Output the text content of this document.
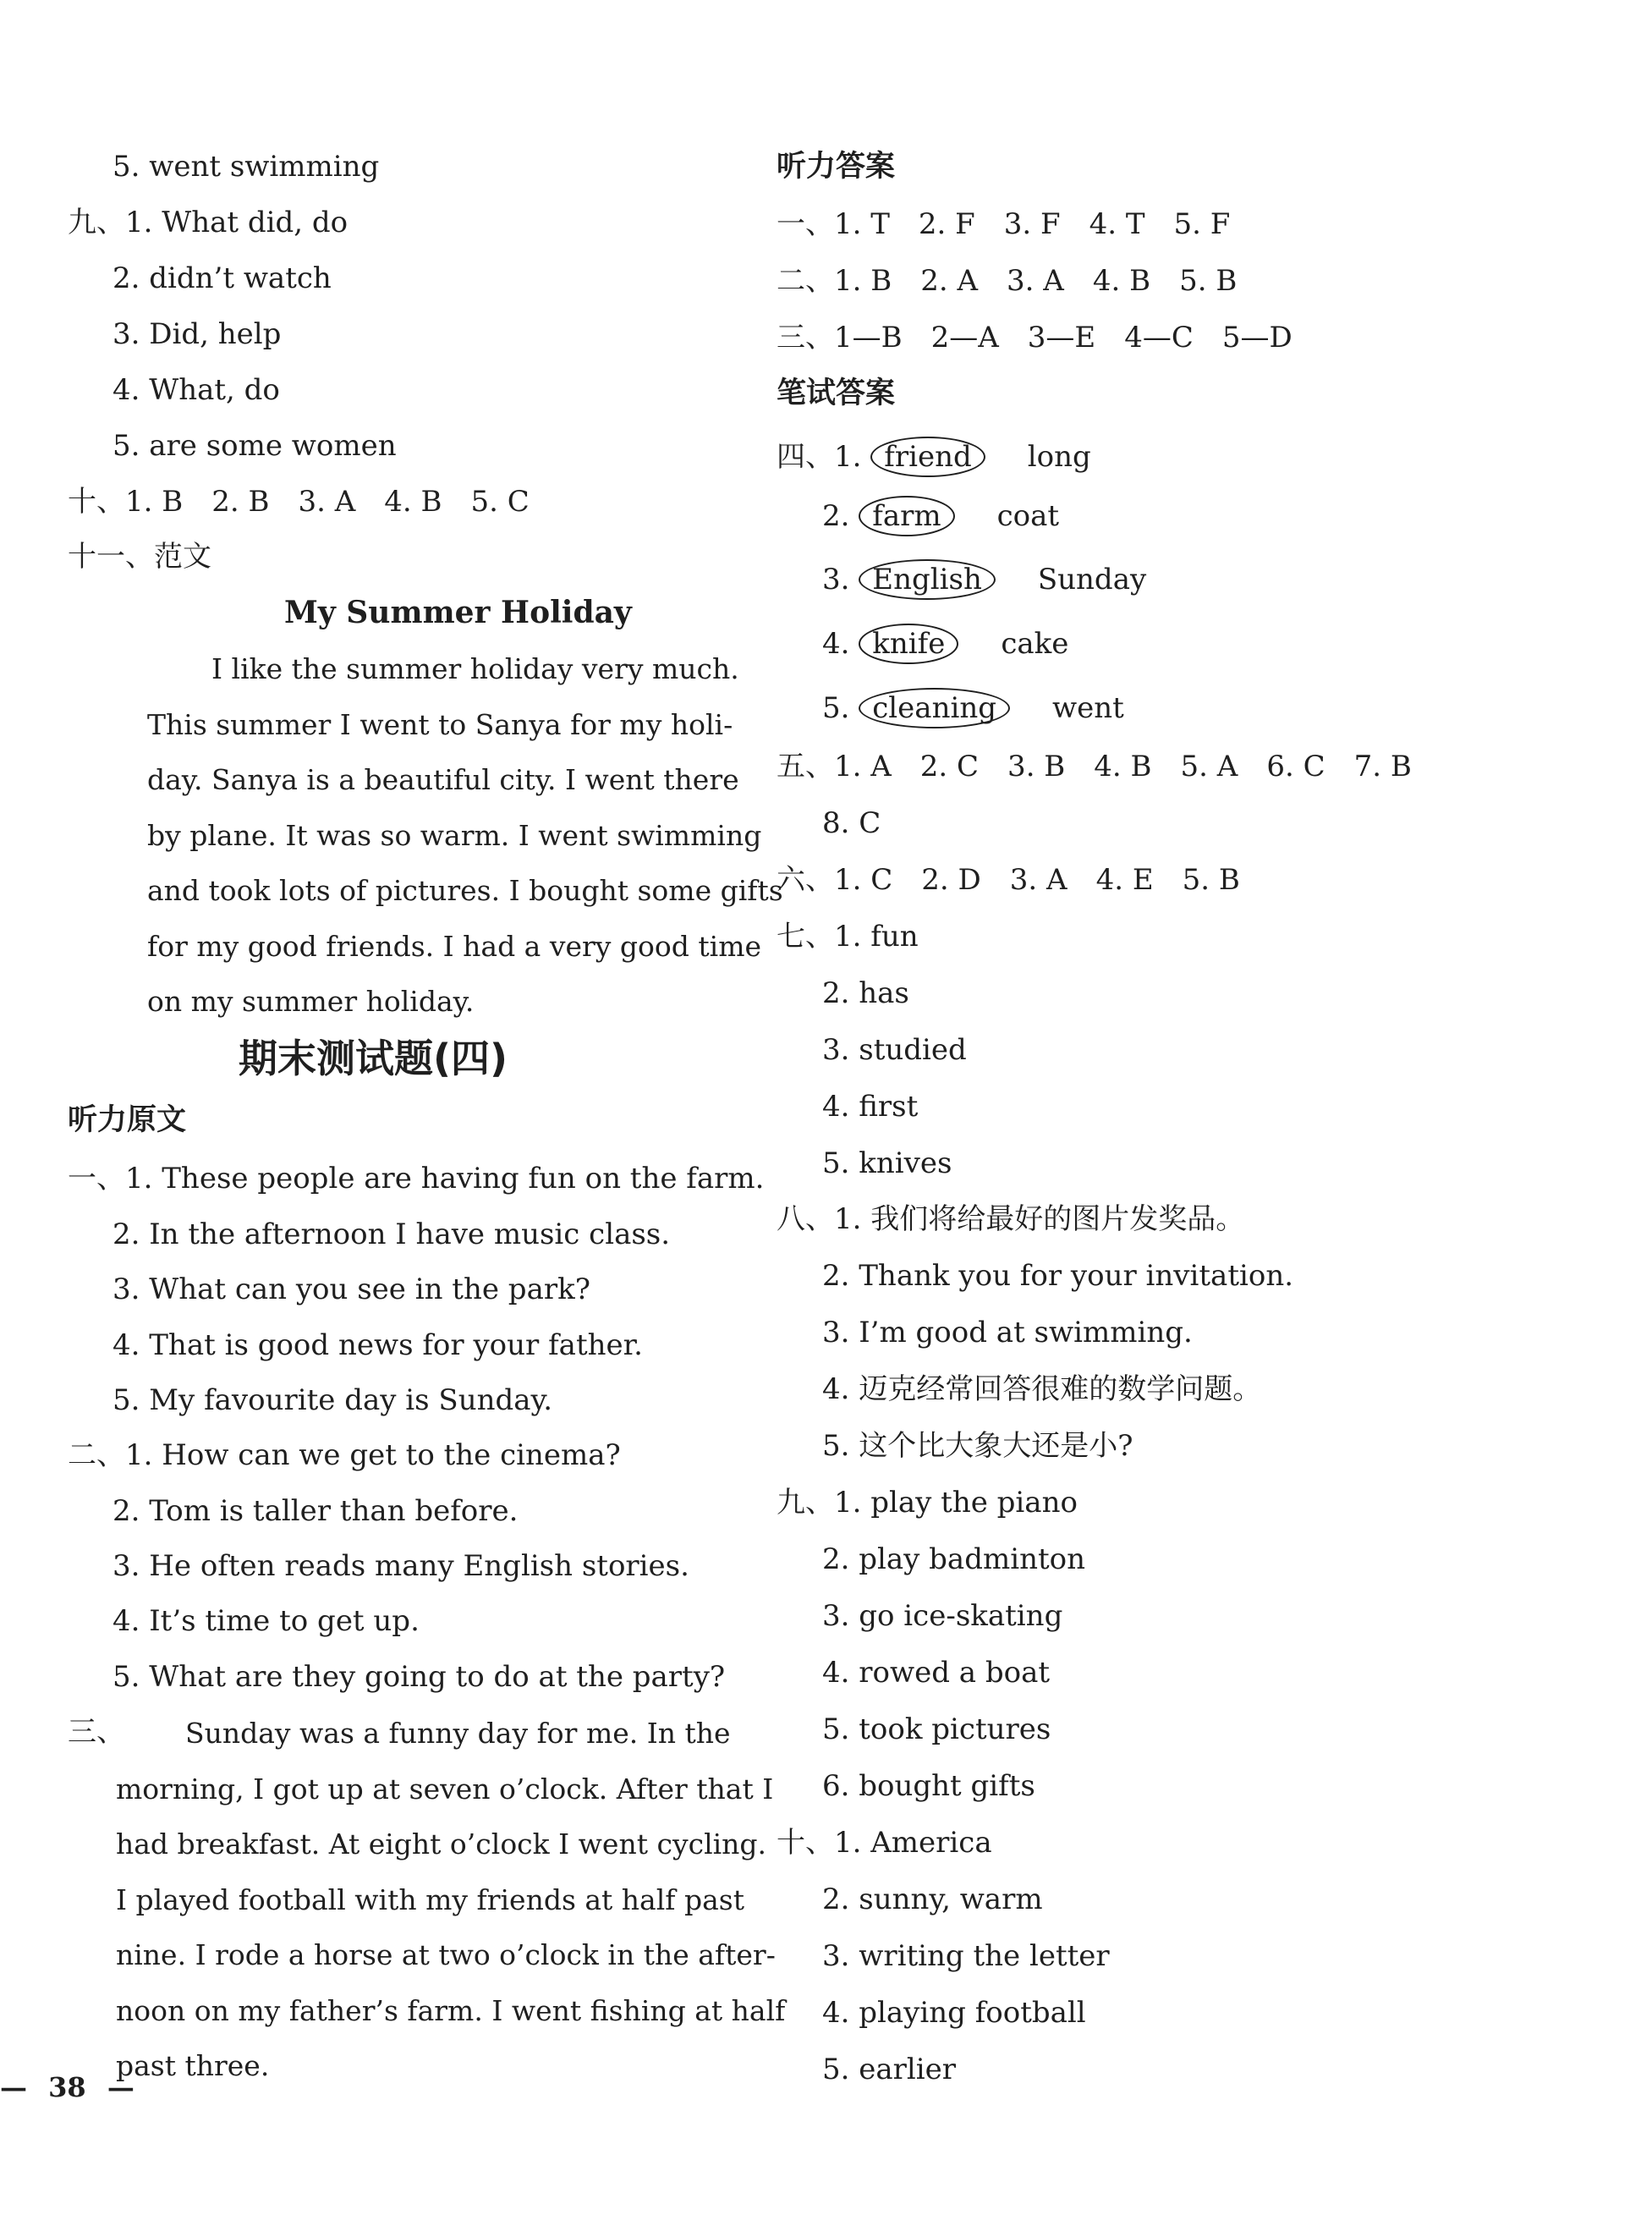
5. went swimming
九、1. What did, do
2. didn’t watch
3. Did, help
4. What, do
5. are some women
十、1. B　2. B　3. A　4. B　5. C
十一、范文
My Summer Holiday
I like the summer holiday very much.
This summer I went to Sanya for my holi-
day. Sanya is a beautiful city. I went there
by plane. It was so warm. I went swimming
and took lots of pictures. I bought some gifts
for my good friends. I had a very good time
on my summer holiday.
期末测试题(四)
听力原文
一、1. These people are having fun on the farm.
2. In the afternoon I have music class.
3. What can you see in the park?
4. That is good news for your father.
5. My favourite day is Sunday.
二、1. How can we get to the cinema?
2. Tom is taller than before.
3. He often reads many English stories.
4. It’s time to get up.
5. What are they going to do at the party?
三、 Sunday was a funny day for me. In the
morning, I got up at seven o’clock. After that I
had breakfast. At eight o’clock I went cycling.
I played football with my friends at half past
nine. I rode a horse at two o’clock in the after-
noon on my father’s farm. I went fishing at half
past three.
听力答案
一、1. T　2. F　3. F　4. T　5. F
二、1. B　2. A　3. A　4. B　5. B
三、1—B　2—A　3—E　4—C　5—D
笔试答案
四、1. friend long
2. farm coat
3. English Sunday
4. knife cake
5. cleaning went
五、1. A　2. C　3. B　4. B　5. A　6. C　7. B
8. C
六、1. C　2. D　3. A　4. E　5. B
七、1. fun
2. has
3. studied
4. first
5. knives
八、1. 我们将给最好的图片发奖品。
2. Thank you for your invitation.
3. I’m good at swimming.
4. 迈克经常回答很难的数学问题。
5. 这个比大象大还是小?
九、1. play the piano
2. play badminton
3. go ice-skating
4. rowed a boat
5. took pictures
6. bought gifts
十、1. America
2. sunny, warm
3. writing the letter
4. playing football
5. earlier
— 38 —
